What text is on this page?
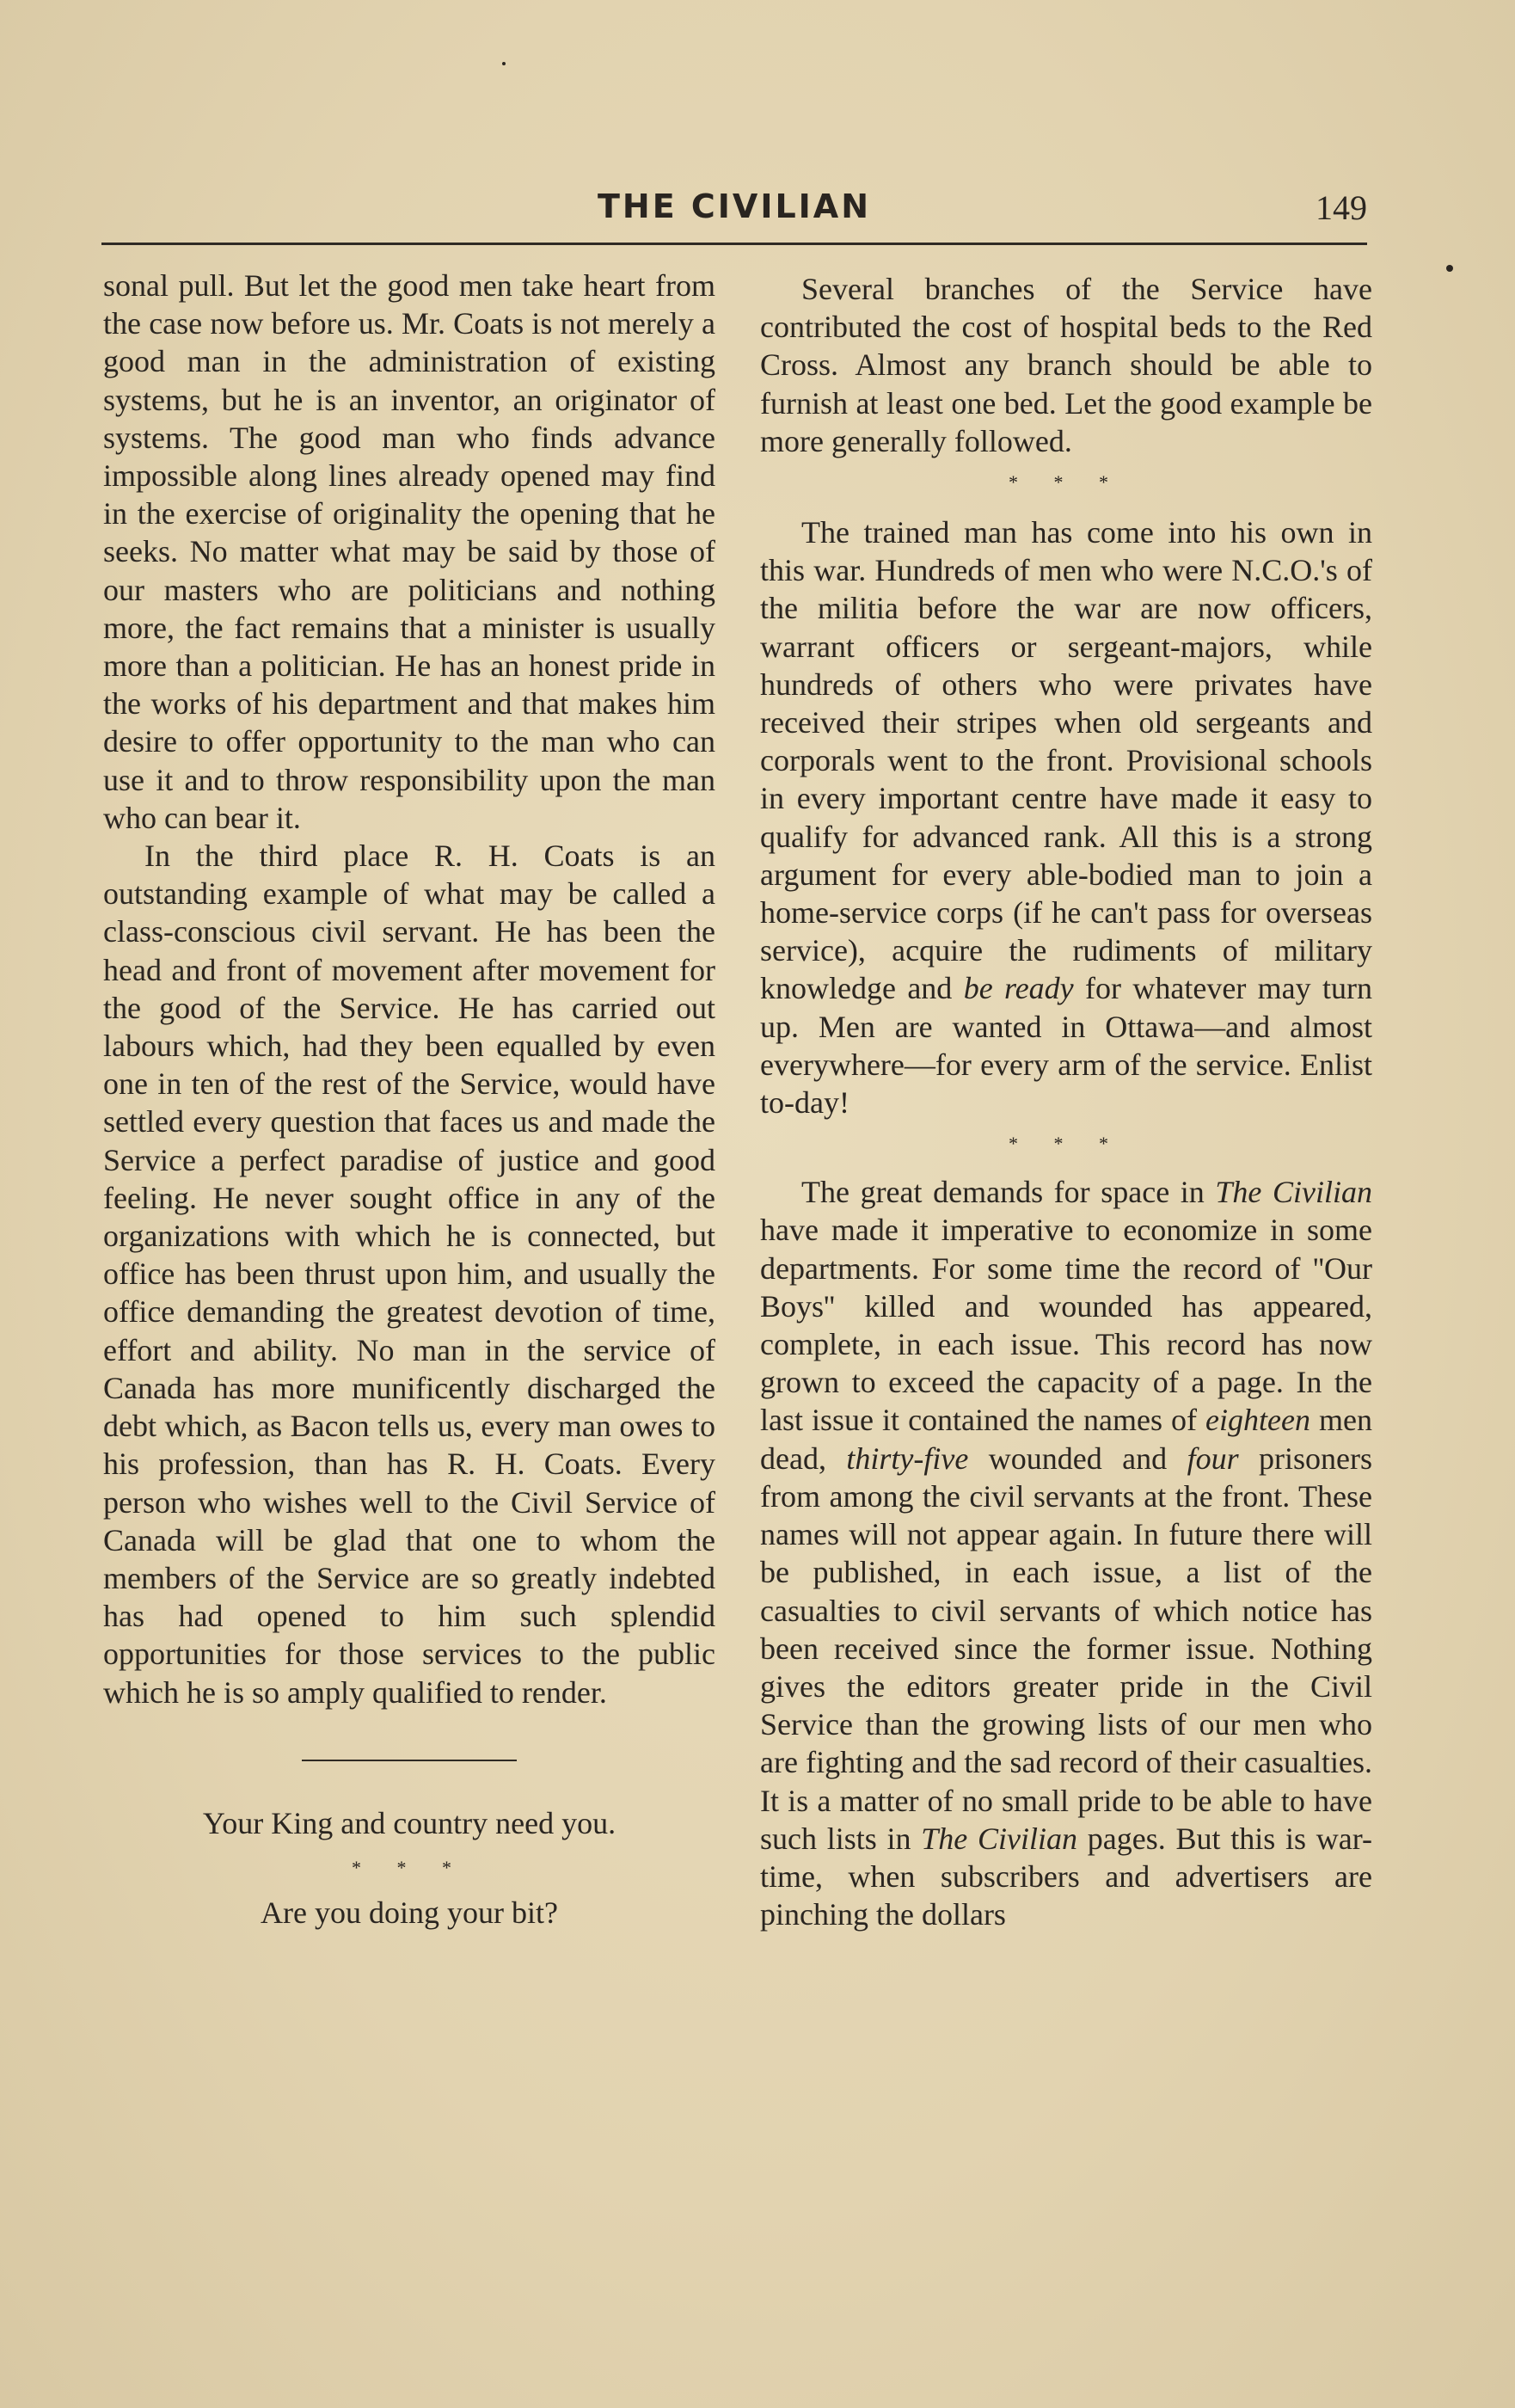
THE CIVILIAN	149

sonal pull. But let the good men take heart from the case now before us. Mr. Coats is not merely a good man in the administration of existing systems, but he is an inventor, an originator of systems. The good man who finds advance impossible along lines already opened may find in the exercise of originality the opening that he seeks. No matter what may be said by those of our masters who are politicians and nothing more, the fact remains that a minister is usually more than a politician. He has an honest pride in the works of his department and that makes him desire to offer opportunity to the man who can use it and to throw responsibility upon the man who can bear it.

In the third place R. H. Coats is an outstanding example of what may be called a class-conscious civil servant. He has been the head and front of movement after movement for the good of the Service. He has carried out labours which, had they been equalled by even one in ten of the rest of the Service, would have settled every question that faces us and made the Service a perfect paradise of justice and good feeling. He never sought office in any of the organizations with which he is connected, but office has been thrust upon him, and usually the office demanding the greatest devotion of time, effort and ability. No man in the service of Canada has more munificently discharged the debt which, as Bacon tells us, every man owes to his profession, than has R. H. Coats. Every person who wishes well to the Civil Service of Canada will be glad that one to whom the members of the Service are so greatly indebted has had opened to him such splendid opportunities for those services to the public which he is so amply qualified to render.

Your King and country need you.

* * *

Are you doing your bit?

Several branches of the Service have contributed the cost of hospital beds to the Red Cross. Almost any branch should be able to furnish at least one bed. Let the good example be more generally followed.

* * *

The trained man has come into his own in this war. Hundreds of men who were N.C.O.'s of the militia before the war are now officers, warrant officers or sergeant-majors, while hundreds of others who were privates have received their stripes when old sergeants and corporals went to the front. Provisional schools in every important centre have made it easy to qualify for advanced rank. All this is a strong argument for every able-bodied man to join a home-service corps (if he can't pass for overseas service), acquire the rudiments of military knowledge and be ready for whatever may turn up. Men are wanted in Ottawa—and almost everywhere—for every arm of the service. Enlist to-day!

* * *

The great demands for space in The Civilian have made it imperative to economize in some departments. For some time the record of ''Our Boys'' killed and wounded has appeared, complete, in each issue. This record has now grown to exceed the capacity of a page. In the last issue it contained the names of eighteen men dead, thirty-five wounded and four prisoners from among the civil servants at the front. These names will not appear again. In future there will be published, in each issue, a list of the casualties to civil servants of which notice has been received since the former issue. Nothing gives the editors greater pride in the Civil Service than the growing lists of our men who are fighting and the sad record of their casualties. It is a matter of no small pride to be able to have such lists in The Civilian pages. But this is war-time, when subscribers and advertisers are pinching the dollars
